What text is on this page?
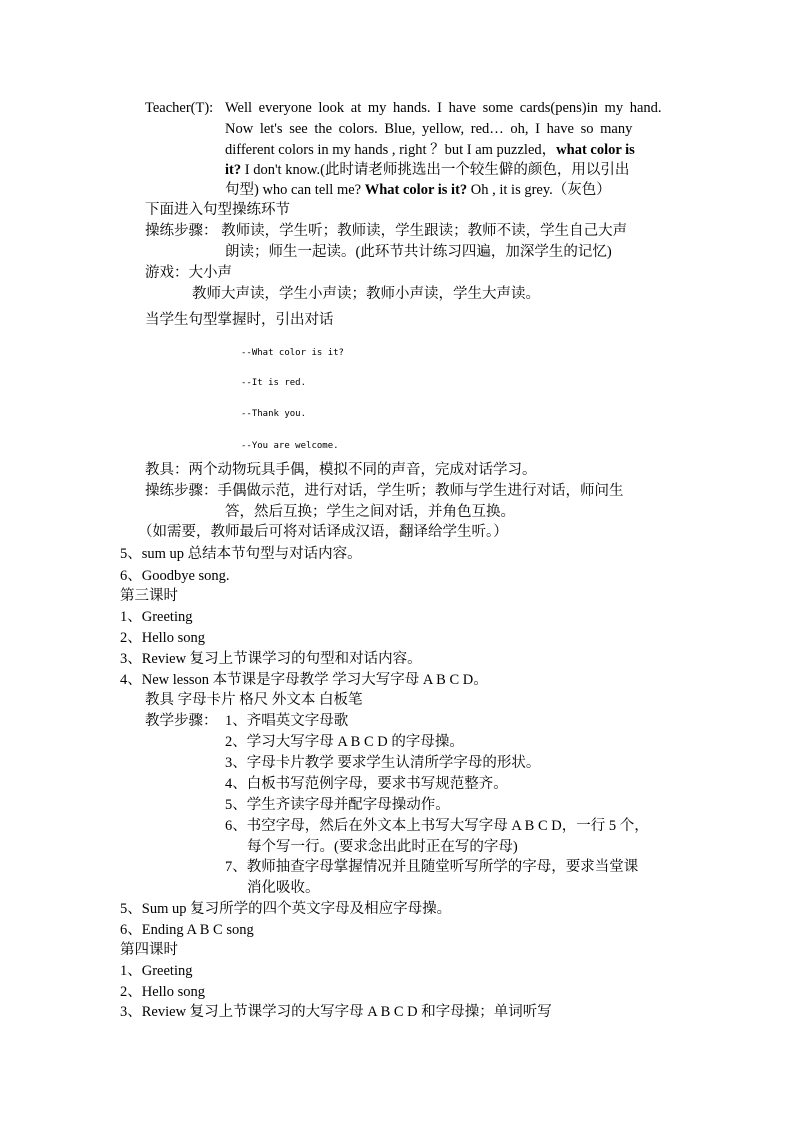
Teacher(T): Well everyone look at my hands. I have some cards(pens)in my hand.
Now let's see the colors. Blue, yellow, red… oh, I have so many
different colors in my hands , right ？but I am puzzled，what color is
it? I don't know.(此时请老师挑选出一个较生僻的颜色，用以引出
句型) who can tell me? What color is it? Oh , it is grey.（灰色）
下面进入句型操练环节
操练步骤： 教师读，学生听；教师读，学生跟读；教师不读，学生自己大声
朗读；师生一起读。(此环节共计练习四遍，加深学生的记忆)
游戏：大小声
教师大声读，学生小声读；教师小声读，学生大声读。
当学生句型掌握时，引出对话
--What color is it?
--It is red.
--Thank you.
--You are welcome.
教具：两个动物玩具手偶，模拟不同的声音，完成对话学习。
操练步骤：手偶做示范，进行对话，学生听；教师与学生进行对话，师问生
答，然后互换；学生之间对话，并角色互换。
（如需要，教师最后可将对话译成汉语，翻译给学生听。）
5、sum up 总结本节句型与对话内容。
6、Goodbye song.
第三课时
1、Greeting
2、Hello song
3、Review 复习上节课学习的句型和对话内容。
4、New lesson 本节课是字母教学 学习大写字母 A B C D。
教具 字母卡片 格尺 外文本 白板笔
教学步骤： 1、齐唱英文字母歌
2、学习大写字母 A B C D 的字母操。
3、字母卡片教学 要求学生认清所学字母的形状。
4、白板书写范例字母，要求书写规范整齐。
5、学生齐读字母并配字母操动作。
6、书空字母，然后在外文本上书写大写字母 A B C D，一行 5 个，
每个写一行。(要求念出此时正在写的字母)
7、教师抽查字母掌握情况并且随堂听写所学的字母，要求当堂课
消化吸收。
5、Sum up 复习所学的四个英文字母及相应字母操。
6、Ending A B C song
第四课时
1、Greeting
2、Hello song
3、Review 复习上节课学习的大写字母 A B C D 和字母操；单词听写
